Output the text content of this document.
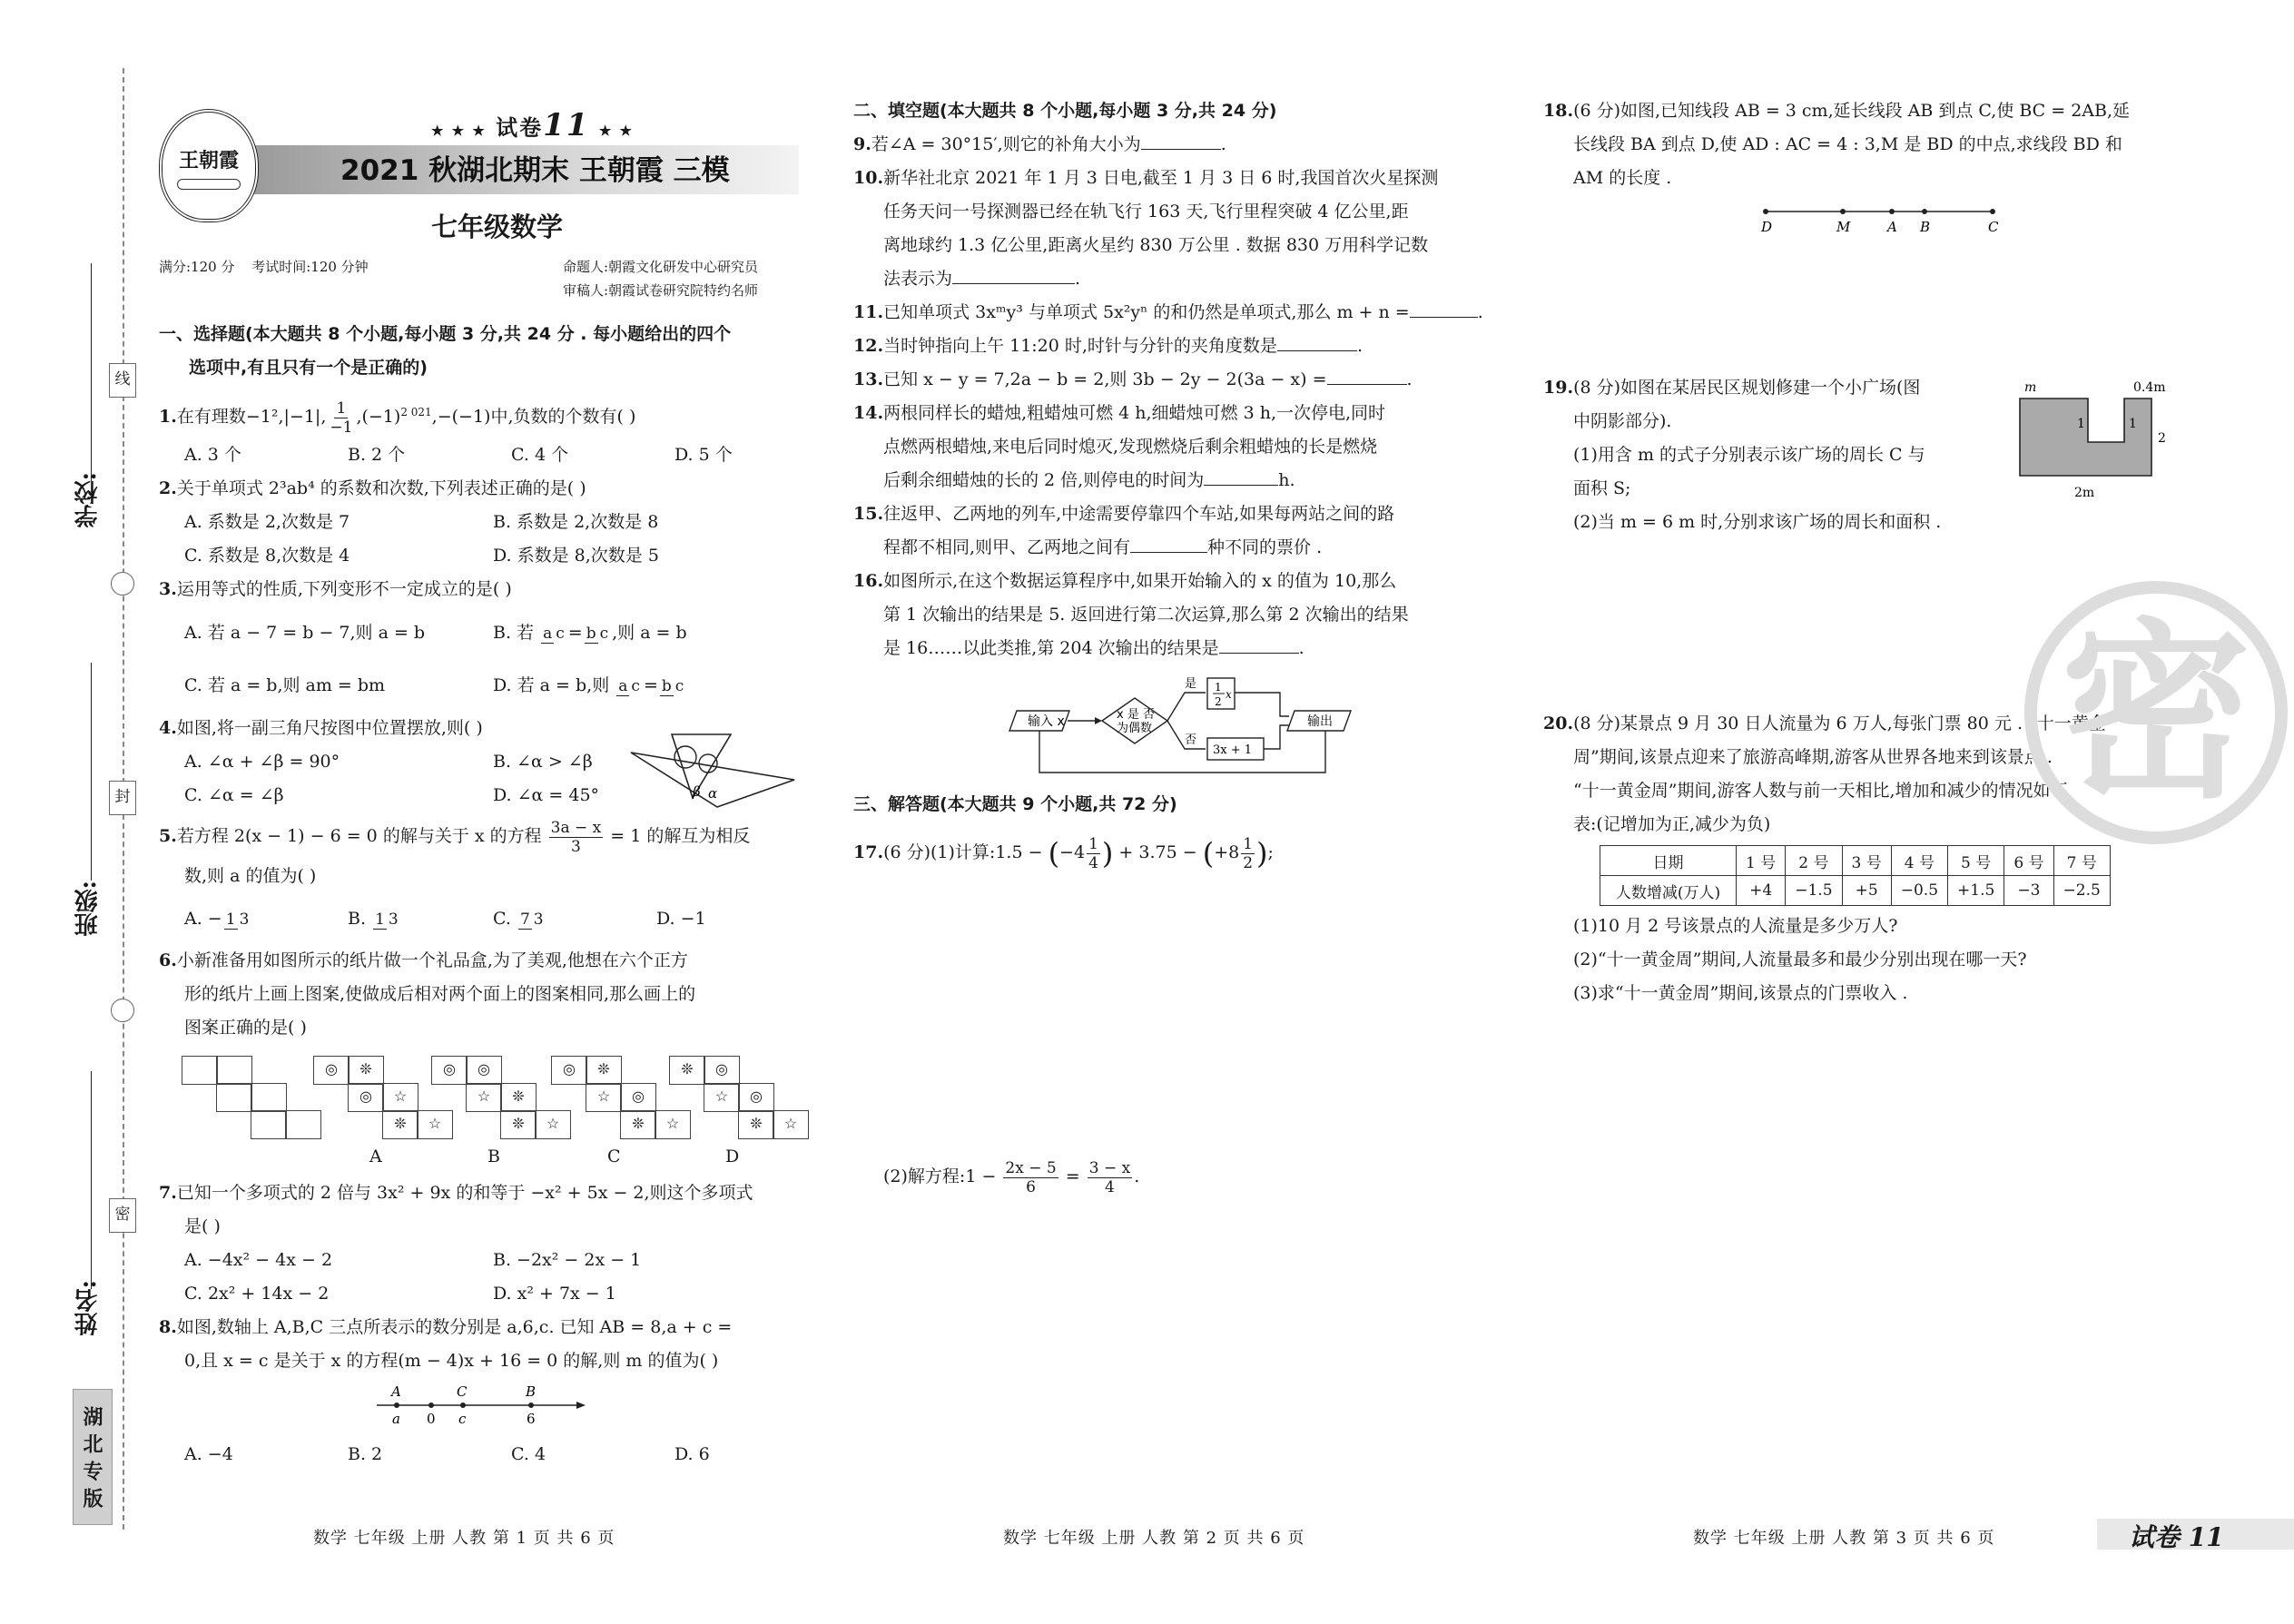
线
封
密
学校:
班级:
姓名:
湖北专版
王朝霞
★ ★ ★ 试卷11 ★ ★
2021 秋湖北期末 王朝霞 三模
七年级数学
满分:120 分 考试时间:120 分钟	命题人:朝霞文化研发中心研究员
审稿人:朝霞试卷研究院特约名师
一、选择题(本大题共 8 个小题,每小题 3 分,共 24 分 . 每小题给出的四个
选项中,有且只有一个是正确的)
1.在有理数−1²,|−1|, $\frac{1}{-1} ,(-1)^{2 021},-(-1)$中,负数的个数有( )
A. 3 个	B. 2 个	C. 4 个	D. 5 个
2.关于单项式 2³ab⁴ 的系数和次数,下列表述正确的是( )
A. 系数是 2,次数是 7	B. 系数是 2,次数是 8
C. 系数是 8,次数是 4	D. 系数是 8,次数是 5
3.运用等式的性质,下列变形不一定成立的是( )
A. 若 a − 7 = b − 7,则 a = b	B. 若 a c = b c ,则 a = b
C. 若 a = b,则 am = bm	D. 若 a = b,则 a c = b c
4.如图,将一副三角尺按图中位置摆放,则( )
A. ∠α + ∠β = 90°	B. ∠α > ∠β
C. ∠α = ∠β	D. ∠α = 45°	β α
5.若方程 2(x − 1) − 6 = 0 的解与关于 x 的方程 $\frac{3a - x}{3} = 1$ 的解互为相反
数,则 a 的值为( )
A. − 1 3	B. 1 3	C. 7 3	D. −1
6.小新准备用如图所示的纸片做一个礼品盒,为了美观,他想在六个正方
形的纸片上画上图案,使做成后相对两个面上的图案相同,那么画上的
图案正确的是( )
◎	❊
◎	☆
❊	☆
A
◎	◎
☆	❊
❊	☆
B
◎	❊
☆	◎
❊	☆
C
❊	◎
☆	◎
❊	☆
D
7.已知一个多项式的 2 倍与 3x² + 9x 的和等于 −x² + 5x − 2,则这个多项式
是( )
A. −4x² − 4x − 2	B. −2x² − 2x − 1
C. 2x² + 14x − 2	D. x² + 7x − 1
8.如图,数轴上 A,B,C 三点所表示的数分别是 a,6,c. 已知 AB = 8,a + c =
0,且 x = c 是关于 x 的方程(m − 4)x + 16 = 0 的解,则 m 的值为( )
A	C	B
a 0 c	6
A. −4	B. 2	C. 4	D. 6
二、填空题(本大题共 8 个小题,每小题 3 分,共 24 分)
9.若∠A = 30°15′,则它的补角大小为	.
10.新华社北京 2021 年 1 月 3 日电,截至 1 月 3 日 6 时,我国首次火星探测
任务天问一号探测器已经在轨飞行 163 天,飞行里程突破 4 亿公里,距
离地球约 1.3 亿公里,距离火星约 830 万公里 . 数据 830 万用科学记数
法表示为	.
11.已知单项式 3xᵐy³ 与单项式 5x²yⁿ 的和仍然是单项式,那么 m + n =	.
12.当时钟指向上午 11:20 时,时针与分针的夹角度数是	.
13.已知 x − y = 7,2a − b = 2,则 3b − 2y − 2(3a − x) =	.
14.两根同样长的蜡烛,粗蜡烛可燃 4 h,细蜡烛可燃 3 h,一次停电,同时
点燃两根蜡烛,来电后同时熄灭,发现燃烧后剩余粗蜡烛的长是燃烧
后剩余细蜡烛的长的 2 倍,则停电的时间为	h.
15.往返甲、乙两地的列车,中途需要停靠四个车站,如果每两站之间的路
程都不相同,则甲、乙两地之间有	种不同的票价 .
16.如图所示,在这个数据运算程序中,如果开始输入的 x 的值为 10,那么
第 1 次输出的结果是 5. 返回进行第二次运算,那么第 2 次输出的结果
是 16……以此类推,第 204 次输出的结果是	.
输入 x	x 是 否
为偶数
是
否
1
2
x
3x + 1
输出
三、解答题(本大题共 9 个小题,共 72 分)
17.(6 分)(1)计算:1.5 − ($-4 \frac{1}{4}$ ) + $3.75 - (+8 \frac{1}{2}$ );
(2)解方程:1 − $\frac{2x - 5}{6} = \frac{3 - x}{4}$ .
18.(6 分)如图,已知线段 AB = 3 cm,延长线段 AB 到点 C,使 BC = 2AB,延
长线段 BA 到点 D,使 AD : AC = 4 : 3,M 是 BD 的中点,求线段 BD 和
AM 的长度 .
D	M	A B	C
19.(8 分)如图在某居民区规划修建一个小广场(图
中阴影部分).
(1)用含 m 的式子分别表示该广场的周长 C 与
面积 S;
(2)当 m = 6 m 时,分别求该广场的周长和面积 .
m	0.4m
1	1
2
2m
20.(8 分)某景点 9 月 30 日人流量为 6 万人,每张门票 80 元 . “十一黄金
周”期间,该景点迎来了旅游高峰期,游客从世界各地来到该景点 .
“十一黄金周”期间,游客人数与前一天相比,增加和减少的情况如下
表:(记增加为正,减少为负)
日期	1 号	2 号	3 号	4 号	5 号	6 号	7 号
人数增减(万人)	+4	−1.5	+5	−0.5	+1.5	−3	−2.5
(1)10 月 2 号该景点的人流量是多少万人?
(2)“十一黄金周”期间,人流量最多和最少分别出现在哪一天?
(3)求“十一黄金周”期间,该景点的门票收入 .
密
数学 七年级 上册 人教 第 1 页 共 6 页	数学 七年级 上册 人教 第 2 页 共 6 页	数学 七年级 上册 人教 第 3 页 共 6 页	试卷 11
